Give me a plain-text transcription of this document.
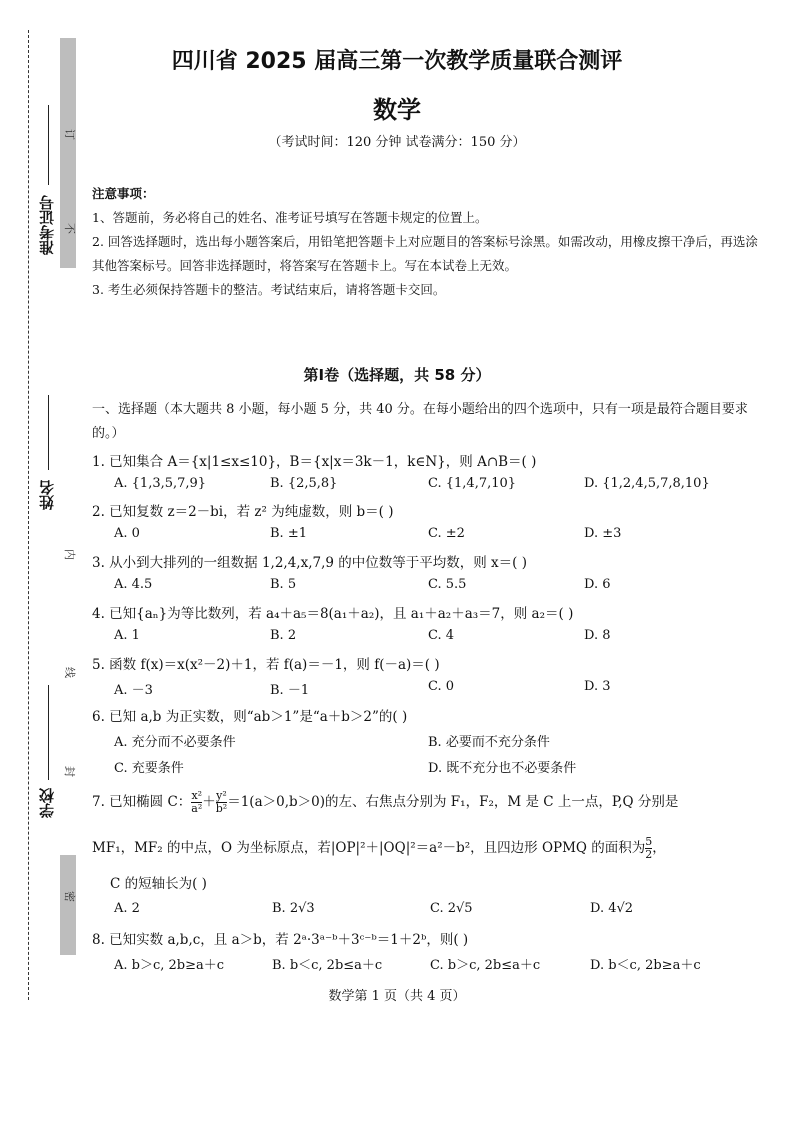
准考证号
姓名
学校
订
不
内
线
封
密
四川省 2025 届高三第一次教学质量联合测评
数学
（考试时间：120 分钟 试卷满分：150 分）
注意事项：
1、答题前，务必将自己的姓名、准考证号填写在答题卡规定的位置上。
2. 回答选择题时，选出每小题答案后，用铅笔把答题卡上对应题目的答案标号涂黑。如需改动，用橡皮擦干净后，再选涂其他答案标号。回答非选择题时，将答案写在答题卡上。写在本试卷上无效。
3. 考生必须保持答题卡的整洁。考试结束后，请将答题卡交回。
第Ⅰ卷（选择题，共 58 分）
一、选择题（本大题共 8 小题，每小题 5 分，共 40 分。在每小题给出的四个选项中，只有一项是最符合题目要求的。）
1. 已知集合 A＝{x|1≤x≤10}，B＝{x|x＝3k－1，k∈N}，则 A∩B＝( )
A. {1,3,5,7,9}	B. {2,5,8}	C. {1,4,7,10}	D. {1,2,4,5,7,8,10}
2. 已知复数 z＝2－bi，若 z² 为纯虚数，则 b＝( )
A. 0	B. ±1	C. ±2	D. ±3
3. 从小到大排列的一组数据 1,2,4,x,7,9 的中位数等于平均数，则 x＝( )
A. 4.5	B. 5	C. 5.5	D. 6
4. 已知{aₙ}为等比数列，若 a₄＋a₅＝8(a₁＋a₂)，且 a₁＋a₂＋a₃＝7，则 a₂＝( )
A. 1	B. 2	C. 4	D. 8
5. 函数 f(x)＝x(x²－2)＋1，若 f(a)＝－1，则 f(－a)＝( )
A. －3	B. －1	C. 0	D. 3
6. 已知 a,b 为正实数，则“ab＞1”是“a＋b＞2”的( )
A. 充分而不必要条件	B. 必要而不充分条件
C. 充要条件	D. 既不充分也不必要条件
7. 已知椭圆 C： $\frac{\text{x²}}{\text{a²}} + \frac{\text{y²}}{\text{b²}} =1(a>0,b>0)$的左、右焦点分别为 F₁，F₂，M 是 C 上一点，P,Q 分别是
MF₁，MF₂ 的中点，O 为坐标原点，若|OP|²＋|OQ|²＝a²－b²，且四边形 OPMQ 的面积为 $\frac{5}{2}$ ，
C 的短轴长为( )
A. 2	B. 2√3	C. 2√5	D. 4√2
8. 已知实数 a,b,c，且 a＞b，若 2ᵃ·3ᵃ⁻ᵇ＋3ᶜ⁻ᵇ＝1＋2ᵇ，则( )
A. b＞c, 2b≥a＋c	B. b＜c, 2b≤a＋c	C. b＞c, 2b≤a＋c	D. b＜c, 2b≥a＋c
数学第 1 页（共 4 页）
